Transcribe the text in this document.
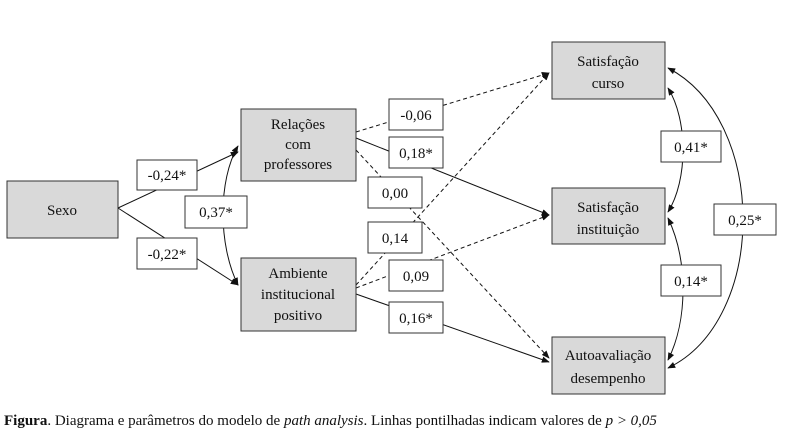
Sexo
Relações
com
professores
Ambiente
institucional
positivo
Satisfação
curso
Satisfação
instituição
Autoavaliação
desempenho
-0,24*
-0,22*
0,37*
-0,06
0,18*
0,00
0,14
0,09
0,16*
0,41*
0,14*
0,25*
Figura. Diagrama e parâmetros do modelo de path analysis. Linhas pontilhadas indicam valores de p > 0,05
